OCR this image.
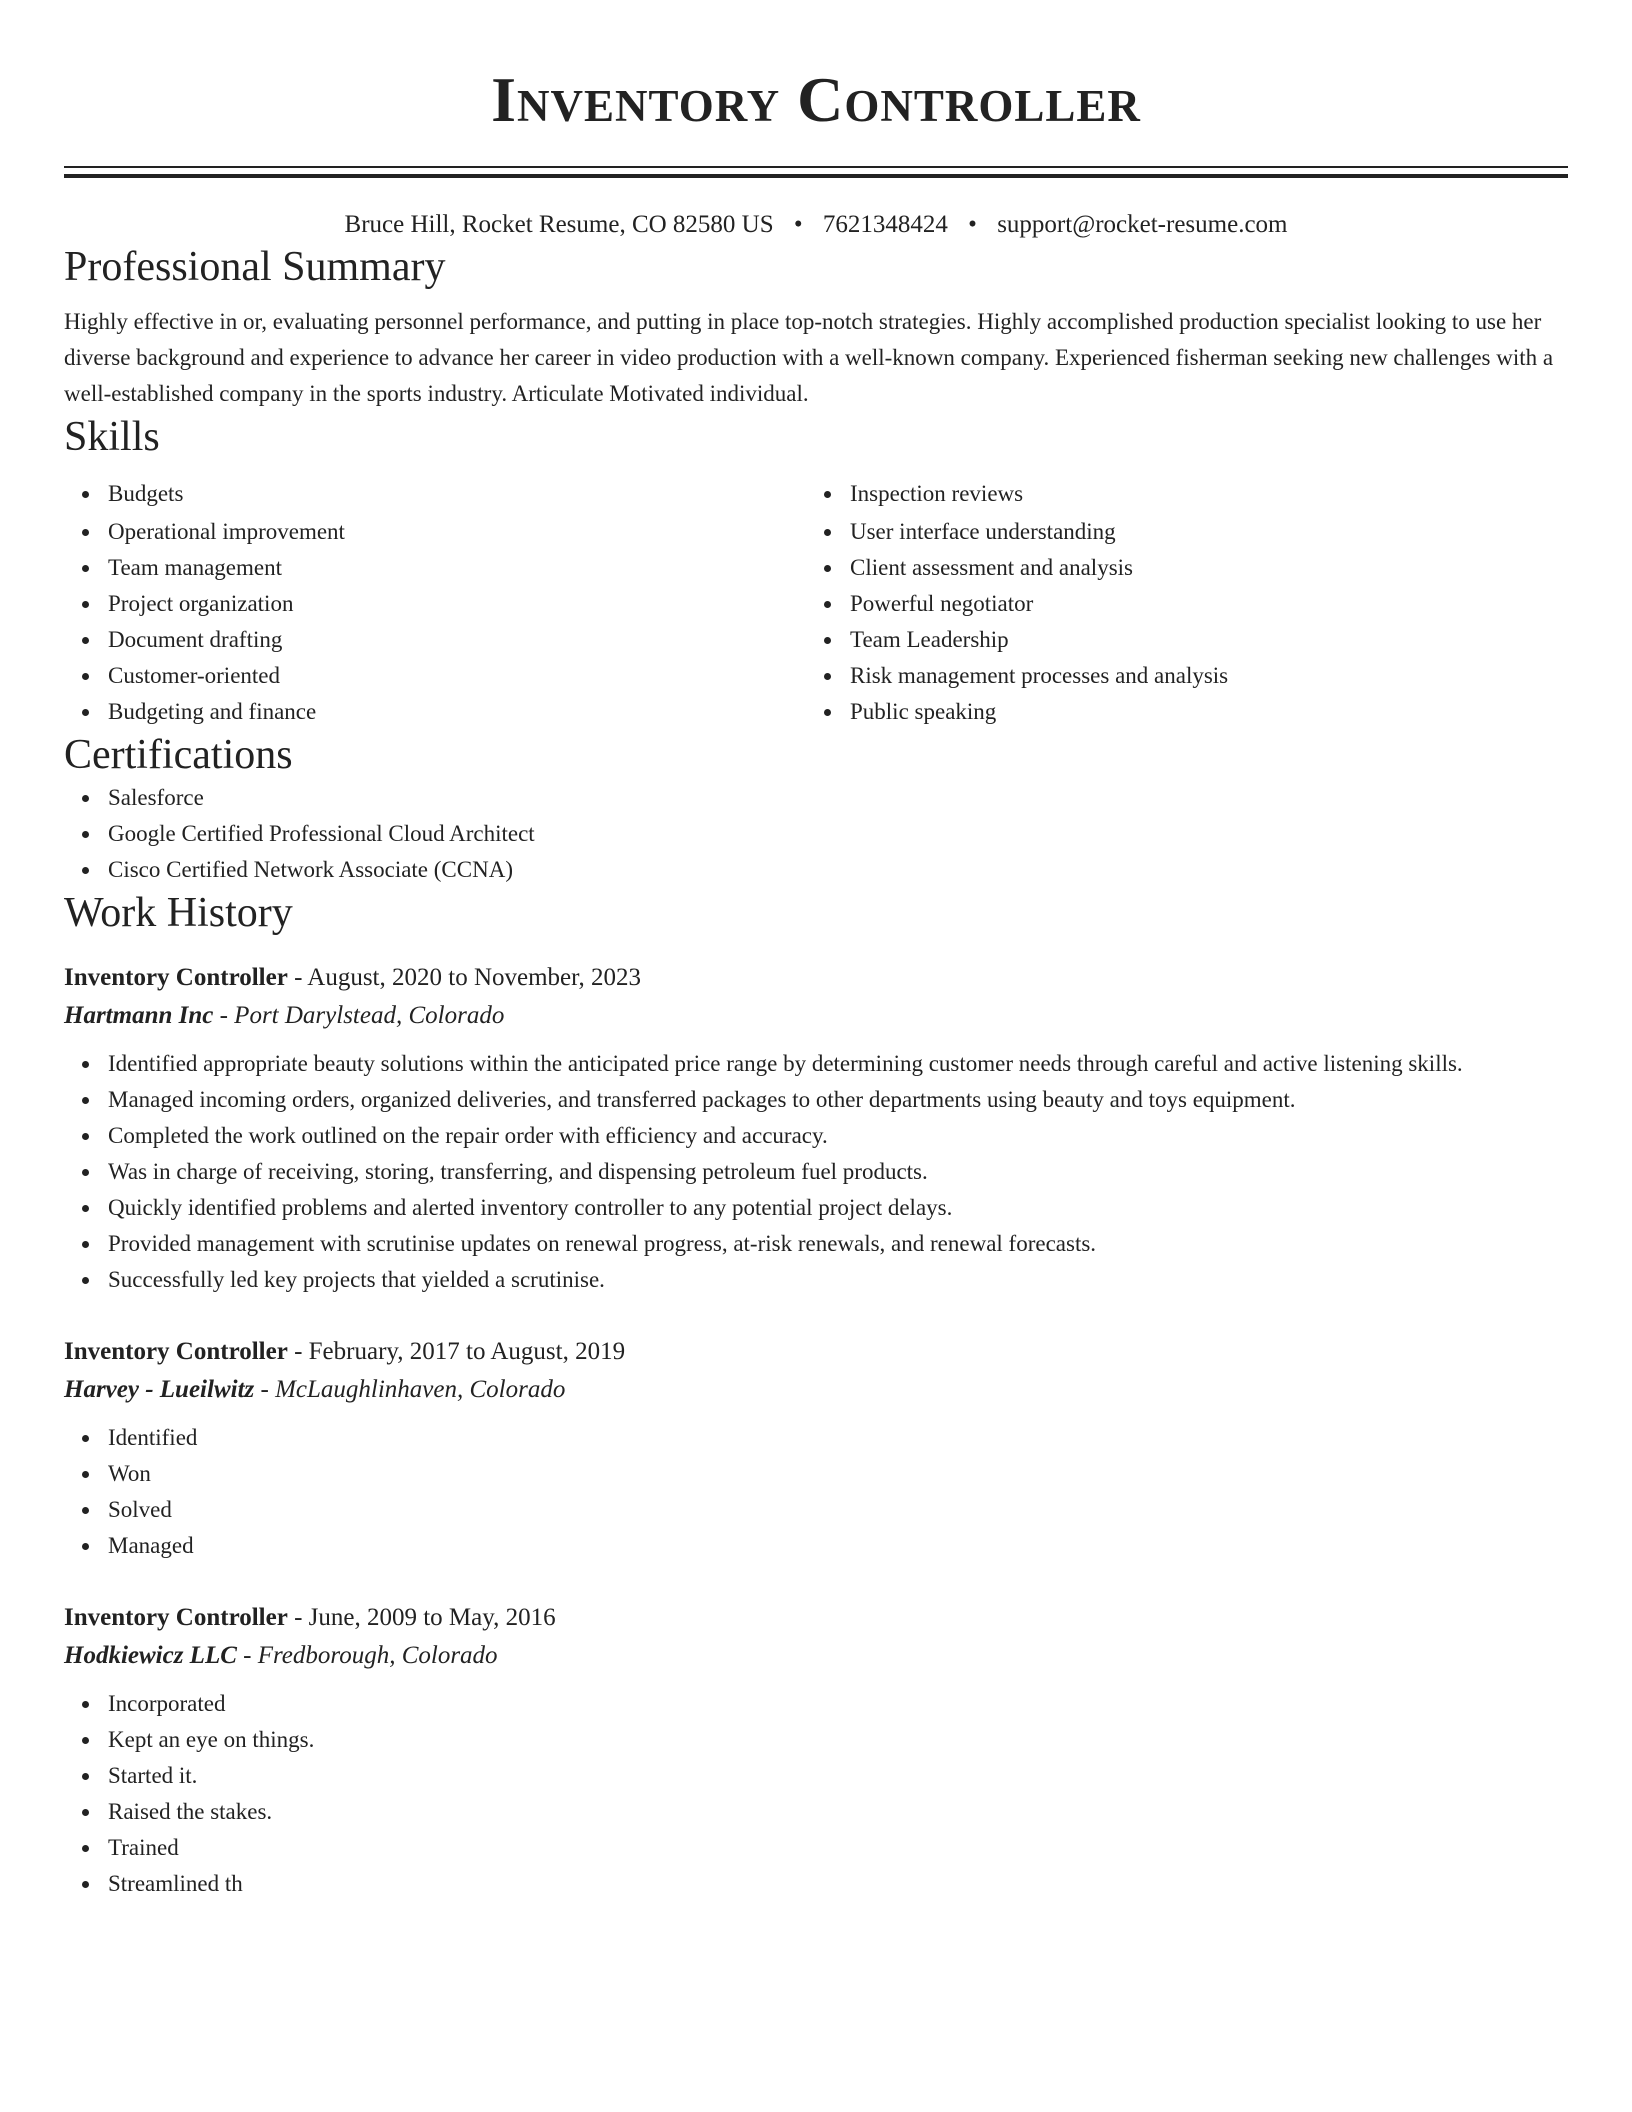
Inventory Controller
Bruce Hill, Rocket Resume, CO 82580 US • 7621348424 • support@rocket-resume.com
Professional Summary

Highly effective in or, evaluating personnel performance, and putting in place top-notch strategies. Highly accomplished production specialist looking to use her diverse background and experience to advance her career in video production with a well-known company. Experienced fisherman seeking new challenges with a well-established company in the sports industry. Articulate Motivated individual.

Skills
Budgets
Operational improvement
Team management
Project organization
Document drafting
Customer-oriented
Budgeting and finance
Inspection reviews
User interface understanding
Client assessment and analysis
Powerful negotiator
Team Leadership
Risk management processes and analysis
Public speaking
Certifications
Salesforce
Google Certified Professional Cloud Architect
Cisco Certified Network Associate (CCNA)
Work History
Inventory Controller - August, 2020 to November, 2023
Hartmann Inc - Port Darylstead, Colorado
Identified appropriate beauty solutions within the anticipated price range by determining customer needs through careful and active listening skills.
Managed incoming orders, organized deliveries, and transferred packages to other departments using beauty and toys equipment.
Completed the work outlined on the repair order with efficiency and accuracy.
Was in charge of receiving, storing, transferring, and dispensing petroleum fuel products.
Quickly identified problems and alerted inventory controller to any potential project delays.
Provided management with scrutinise updates on renewal progress, at-risk renewals, and renewal forecasts.
Successfully led key projects that yielded a scrutinise.
Inventory Controller - February, 2017 to August, 2019
Harvey - Lueilwitz - McLaughlinhaven, Colorado
Identified
Won
Solved
Managed
Inventory Controller - June, 2009 to May, 2016
Hodkiewicz LLC - Fredborough, Colorado
Incorporated
Kept an eye on things.
Started it.
Raised the stakes.
Trained
Streamlined th
